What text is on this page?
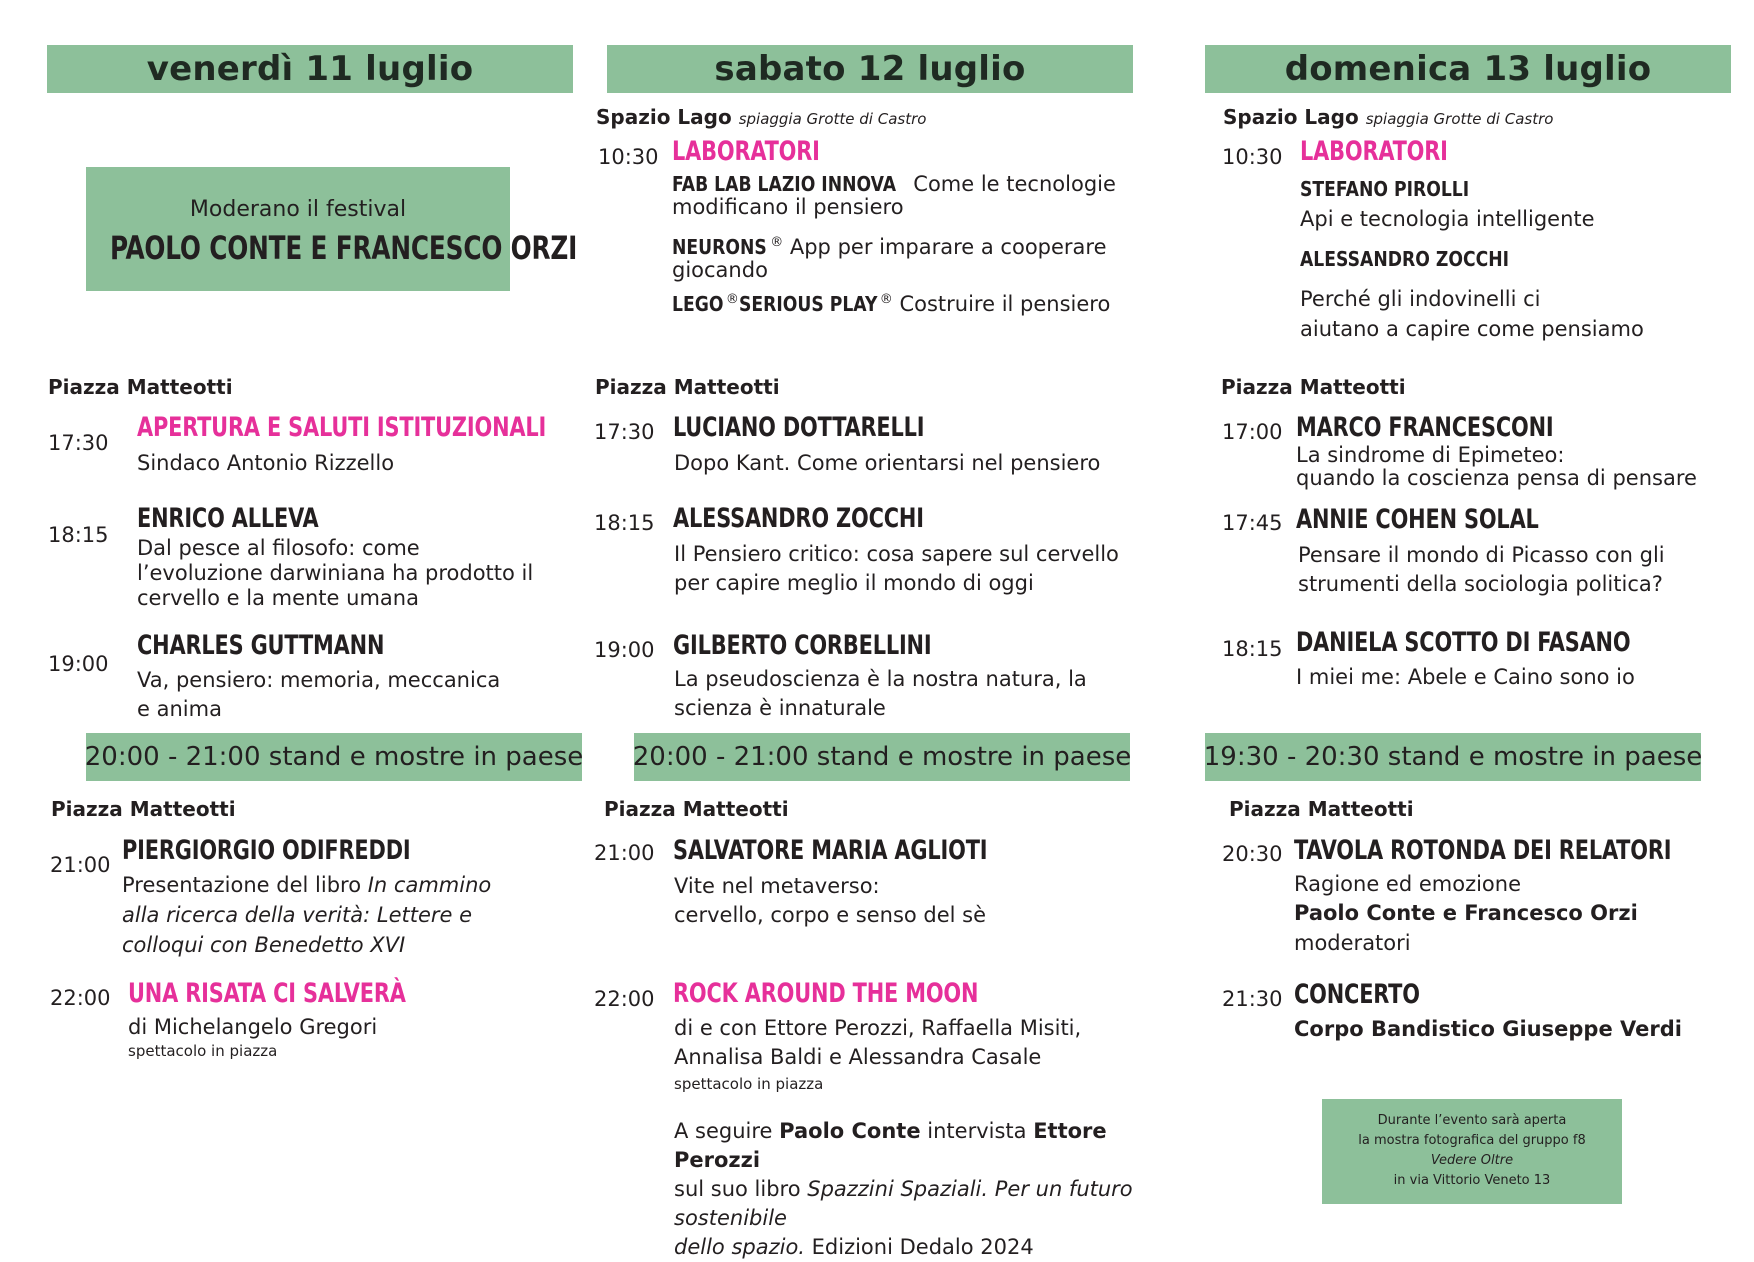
venerdì 11 luglio	sabato 12 luglio	domenica 13 luglio
Moderano il festival
PAOLO CONTE E FRANCESCO ORZI
Piazza Matteotti
17:30 APERTURA E SALUTI ISTITUZIONALI
Sindaco Antonio Rizzello
18:15
ENRICO ALLEVA
Dal pesce al filosofo: come l’evoluzione darwiniana ha prodotto il cervello e la mente umana
19:00
CHARLES GUTTMANN
Va, pensiero: memoria, meccanica
e anima
20:00 - 21:00 stand e mostre in paese
Piazza Matteotti
21:00 PIERGIORGIO ODIFREDDI
Presentazione del libro In cammino
alla ricerca della verità: Lettere e
colloqui con Benedetto XVI
22:00 UNA RISATA CI SALVERÀ
di Michelangelo Gregori
spettacolo in piazza
Spazio Lago spiaggia Grotte di Castro
10:30 LABORATORI
FAB LAB LAZIO INNOVA Come le tecnologie
modificano il pensiero
NEURONS ® App per imparare a cooperare
giocando
LEGO ®SERIOUS PLAY ® Costruire il pensiero
Piazza Matteotti
17:30 LUCIANO DOTTARELLI
Dopo Kant. Come orientarsi nel pensiero
18:15 ALESSANDRO ZOCCHI
Il Pensiero critico: cosa sapere sul cervello
per capire meglio il mondo di oggi
19:00 GILBERTO CORBELLINI
La pseudoscienza è la nostra natura, la
scienza è innaturale
20:00 - 21:00 stand e mostre in paese
Piazza Matteotti
21:00 SALVATORE MARIA AGLIOTI
Vite nel metaverso:
cervello, corpo e senso del sè
22:00 ROCK AROUND THE MOON
di e con Ettore Perozzi, Raffaella Misiti,
Annalisa Baldi e Alessandra Casale
spettacolo in piazza
A seguire Paolo Conte intervista Ettore Perozzi
sul suo libro Spazzini Spaziali. Per un futuro sostenibile
dello spazio. Edizioni Dedalo 2024
Spazio Lago spiaggia Grotte di Castro
10:30 LABORATORI
STEFANO PIROLLI
Api e tecnologia intelligente
ALESSANDRO ZOCCHI
Perché gli indovinelli ci
aiutano a capire come pensiamo
Piazza Matteotti
17:00 MARCO FRANCESCONI
La sindrome di Epimeteo:
quando la coscienza pensa di pensare
17:45 ANNIE COHEN SOLAL
Pensare il mondo di Picasso con gli
strumenti della sociologia politica?
18:15 DANIELA SCOTTO DI FASANO
I miei me: Abele e Caino sono io
19:30 - 20:30 stand e mostre in paese
Piazza Matteotti
20:30 TAVOLA ROTONDA DEI RELATORI
Ragione ed emozione
Paolo Conte e Francesco Orzi
moderatori
21:30 CONCERTO
Corpo Bandistico Giuseppe Verdi
Durante l’evento sarà aperta
la mostra fotografica del gruppo f8
Vedere Oltre
in via Vittorio Veneto 13
